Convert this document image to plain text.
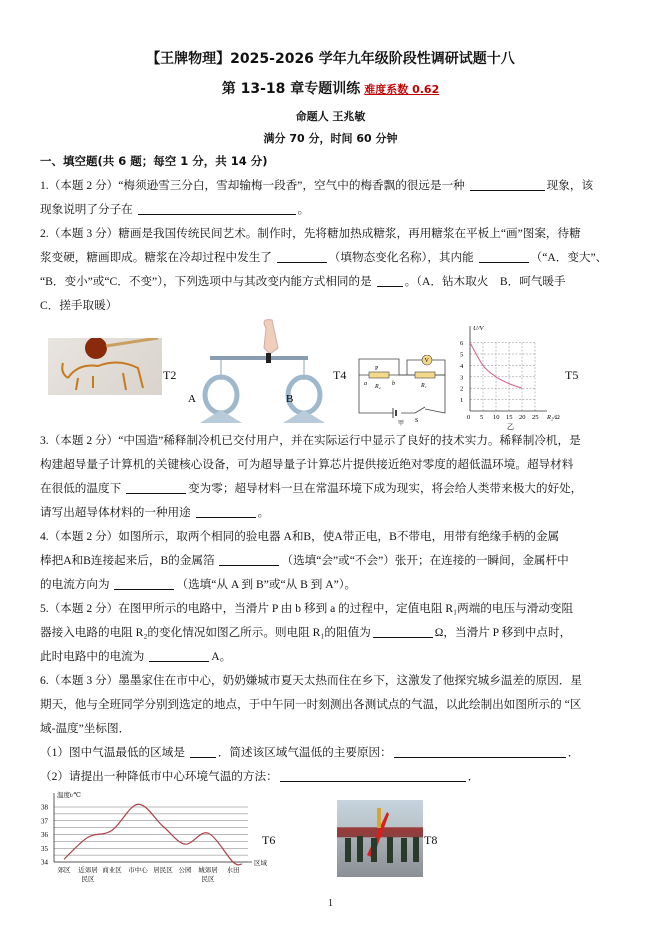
【王牌物理】2025-2026 学年九年级阶段性调研试题十八
第 13-18 章专题训练 难度系数 0.62
命题人 王兆敏
满分 70 分，时间 60 分钟
一、填空题(共 6 题；每空 1 分，共 14 分)
1.（本题 2 分）“梅须逊雪三分白，雪却输梅一段香”，空气中的梅香飘的很远是一种	现象，该
现象说明了分子在	。
2.（本题 3 分）糖画是我国传统民间艺术。制作时，先将糖加热成糖浆，再用糖浆在平板上“画”图案，待糖
浆变硬，糖画即成。糖浆在冷却过程中发生了	（填物态变化名称），其内能	（“A．变大”、
“B．变小”或“C．不变”），下列选项中与其改变内能方式相同的是	。（A．钻木取火　B．呵气暖手
C．搓手取暖）
3.（本题 2 分）“中国造”稀释制冷机已交付用户，并在实际运行中显示了良好的技术实力。稀释制冷机，是
构建超导量子计算机的关键核心设备，可为超导量子计算芯片提供接近绝对零度的超低温环境。超导材料
在很低的温度下	变为零；超导材料一旦在常温环境下成为现实，将会给人类带来极大的好处，
请写出超导体材料的一种用途	。
4.（本题 2 分）如图所示，取两个相同的验电器 A和B，使A带正电，B不带电，用带有绝缘手柄的金属
棒把A和B连接起来后，B的金属箔	（选填“会”或“不会”）张开；在连接的一瞬间，金属杆中
的电流方向为	（选填“从 A 到 B”或“从 B 到 A”）。
5.（本题 2 分）在图甲所示的电路中，当滑片 P 由 b 移到 a 的过程中，定值电阻 R₁两端的电压与滑动变阻
器接入电路的电阻 R₂的变化情况如图乙所示。则电阻 R₁的阻值为	Ω，当滑片 P 移到中点时，
此时电路中的电流为	A。
6.（本题 3 分）墨墨家住在市中心，奶奶嫌城市夏天太热而住在乡下，这激发了他探究城乡温差的原因．星
期天，他与全班同学分别到选定的地点，于中午同一时刻测出各测试点的气温，以此绘制出如图所示的 “区
域-温度”坐标图．
（1）图中气温最低的区域是	．简述该区域气温低的主要原因：	．
（2）请提出一种降低市中心环境气温的方法：	．
T2
A	B
T4	P
a	b
R₂	R₁
V
S
甲
1
2
3
4
5
6
0 5 10 15 20 25
U/V
R₂/Ω
乙
T5
34
35
36
37
38
温度t/℃
区域
郊区 近郊居
民区
商业区 市中心 居民区 公园 城郊居
民区
水田
T6	T8
1
